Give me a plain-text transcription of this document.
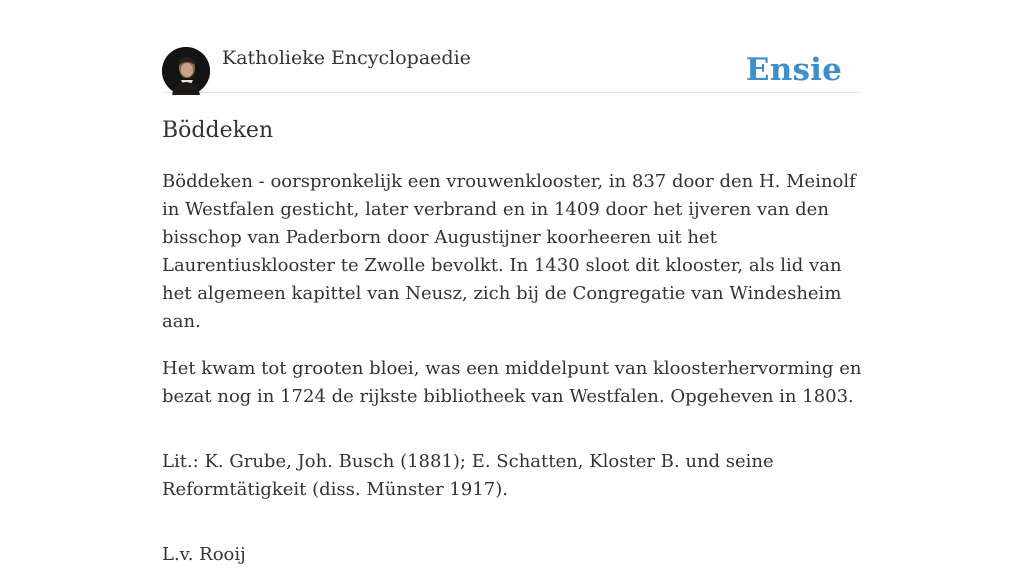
Katholieke Encyclopaedie	Ensie
Böddeken

Böddeken - oorspronkelijk een vrouwenklooster, in 837 door den H. Meinolf in Westfalen gesticht, later verbrand en in 1409 door het ijveren van den bisschop van Paderborn door Augustijner koorheeren uit het Laurentiusklooster te Zwolle bevolkt. In 1430 sloot dit klooster, als lid van het algemeen kapittel van Neusz, zich bij de Congregatie van Windesheim aan.

Het kwam tot grooten bloei, was een middelpunt van kloosterhervorming en bezat nog in 1724 de rijkste bibliotheek van Westfalen. Opgeheven in 1803.

Lit.: K. Grube, Joh. Busch (1881); E. Schatten, Kloster B. und seine Reformtätigkeit (diss. Münster 1917).

L.v. Rooij
